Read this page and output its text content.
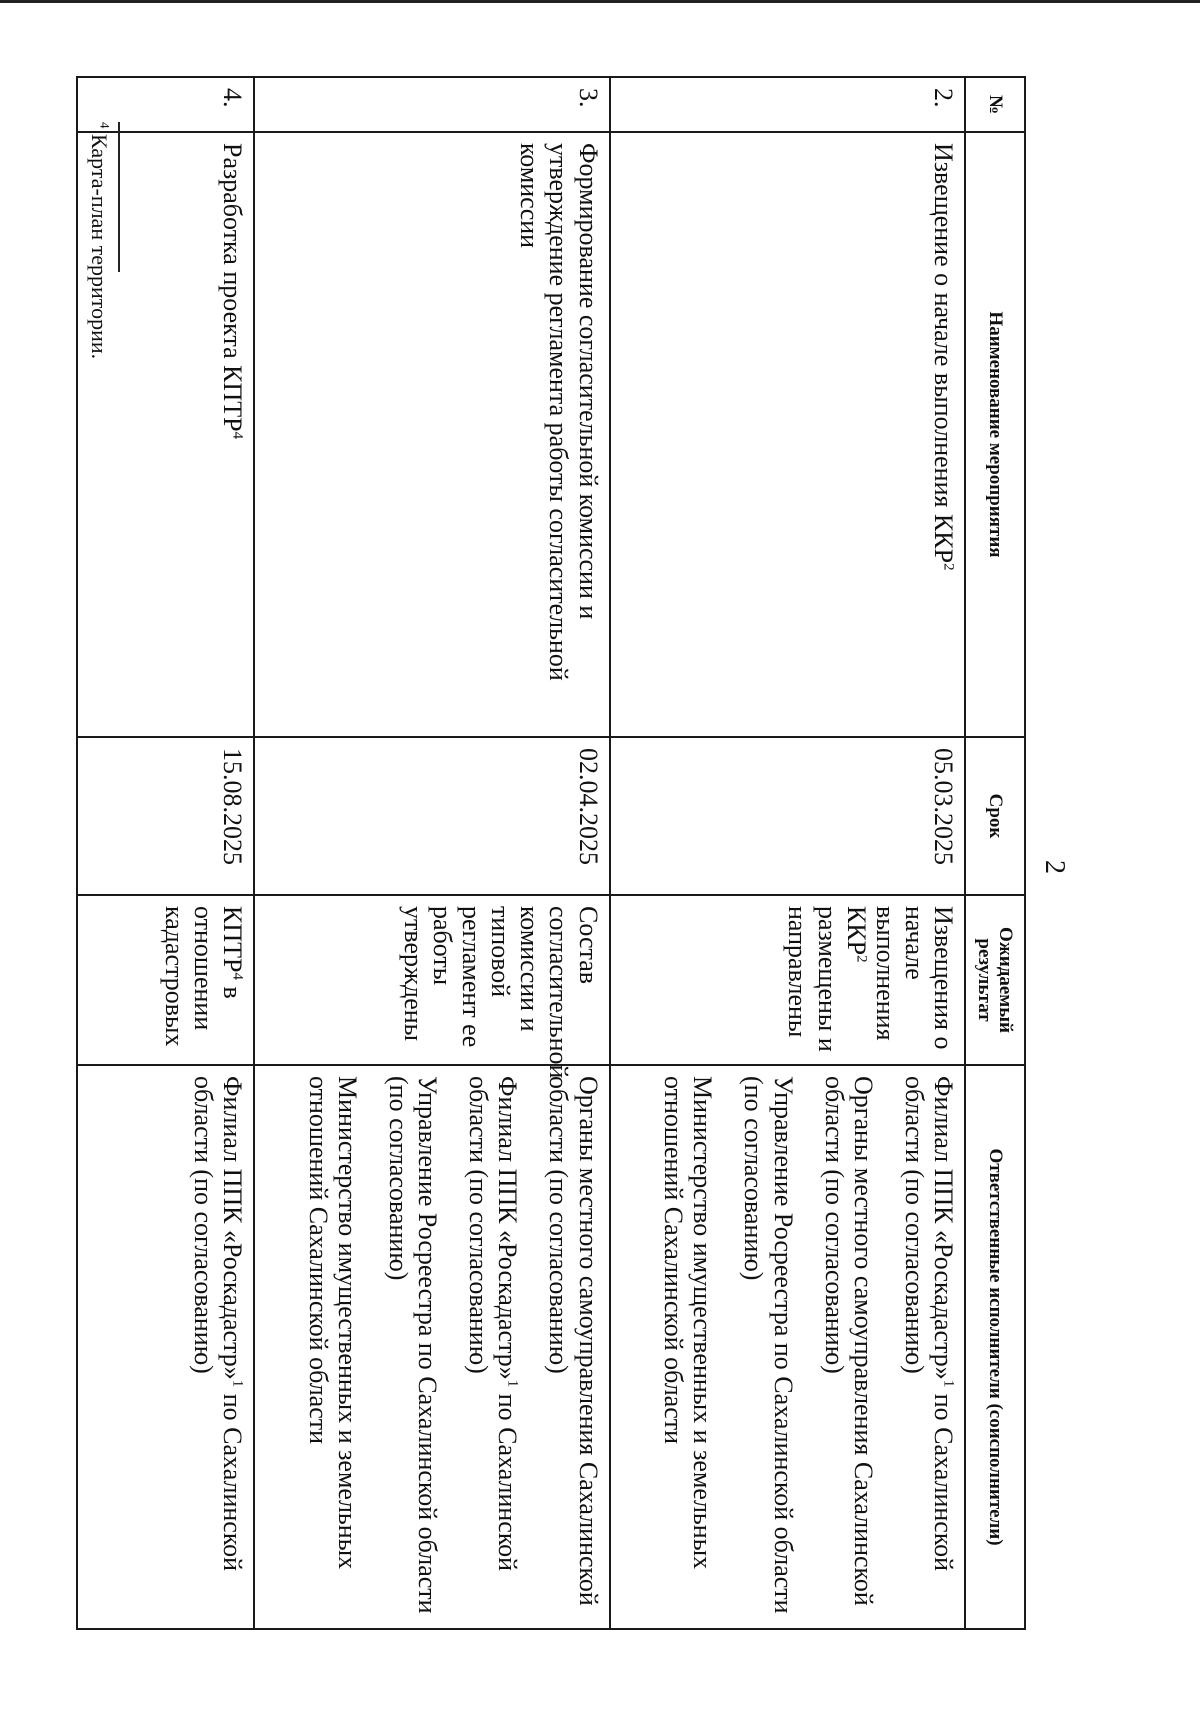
2
№	Наименование мероприятия	Срок	Ожидаемый результат	Ответственные исполнители (соисполнители)
2.	Извещение о начале выполнения ККР$^2$	05.03.2025	Извещения о начале выполнения ККР$^2$ размещены и направлены	Филиал ППК «Роскадастр»$^1$ по Сахалинской области (по согласованию)
Органы местного самоуправления Сахалинской области (по согласованию)
Управление Росреестра по Сахалинской области (по согласованию)
Министерство имущественных и земельных отношений Сахалинской области

3.	Формирование согласительной комиссии и утверждение регламента работы согласительной комиссии	02.04.2025	Состав согласительной комиссии и типовой регламент ее работы утверждены	Органы местного самоуправления Сахалинской области (по согласованию)
Филиал ППК «Роскадастр»$^1$ по Сахалинской области (по согласованию)
Управление Росреестра по Сахалинской области (по согласованию)
Министерство имущественных и земельных отношений Сахалинской области

4.	Разработка проекта КПТР$^4$	15.08.2025	КПТР$^4$ в отношении кадастровых	Филиал ППК «Роскадастр»$^1$ по Сахалинской области (по согласованию)
$^4$ Карта-план территории.
